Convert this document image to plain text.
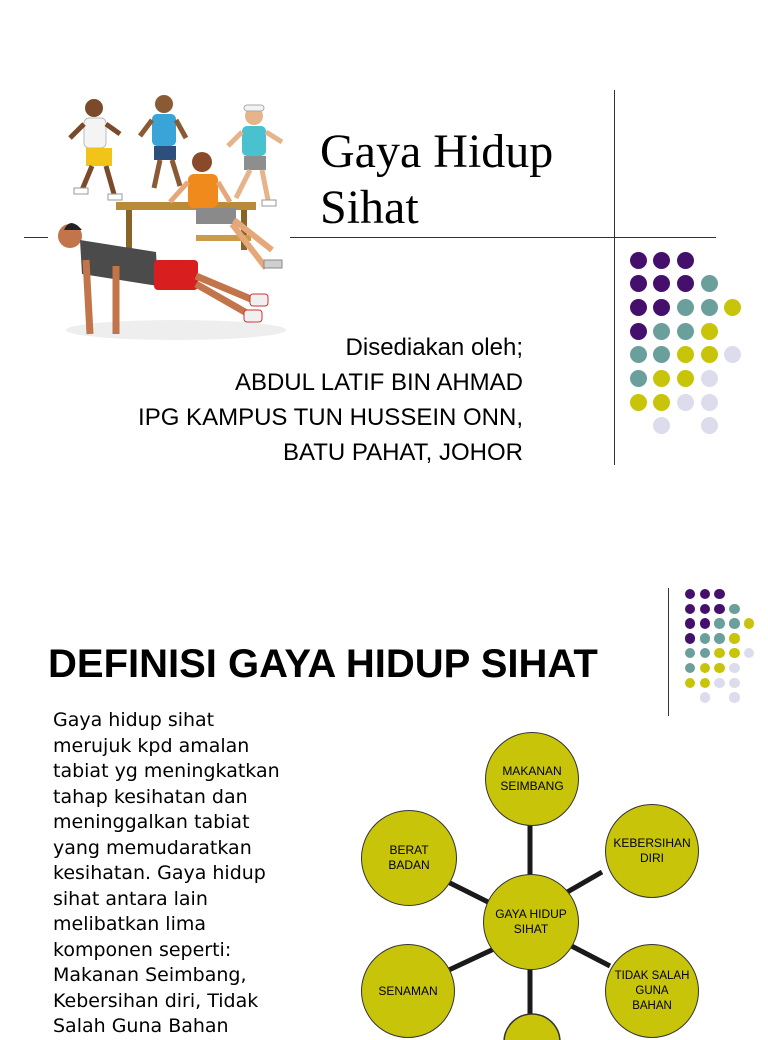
Gaya Hidup
Sihat
Disediakan oleh;
ABDUL LATIF BIN AHMAD
IPG KAMPUS TUN HUSSEIN ONN,
BATU PAHAT, JOHOR
DEFINISI GAYA HIDUP SIHAT
Gaya hidup sihat
merujuk kpd amalan
tabiat yg meningkatkan
tahap kesihatan dan
meninggalkan tabiat
yang memudaratkan
kesihatan. Gaya hidup
sihat antara lain
melibatkan lima
komponen seperti:
Makanan Seimbang,
Kebersihan diri, Tidak
Salah Guna Bahan
MAKANAN
SEIMBANG
KEBERSIHAN
DIRI
TIDAK SALAH
GUNA
BAHAN
BERAT
BADAN
SENAMAN
GAYA HIDUP
SIHAT
